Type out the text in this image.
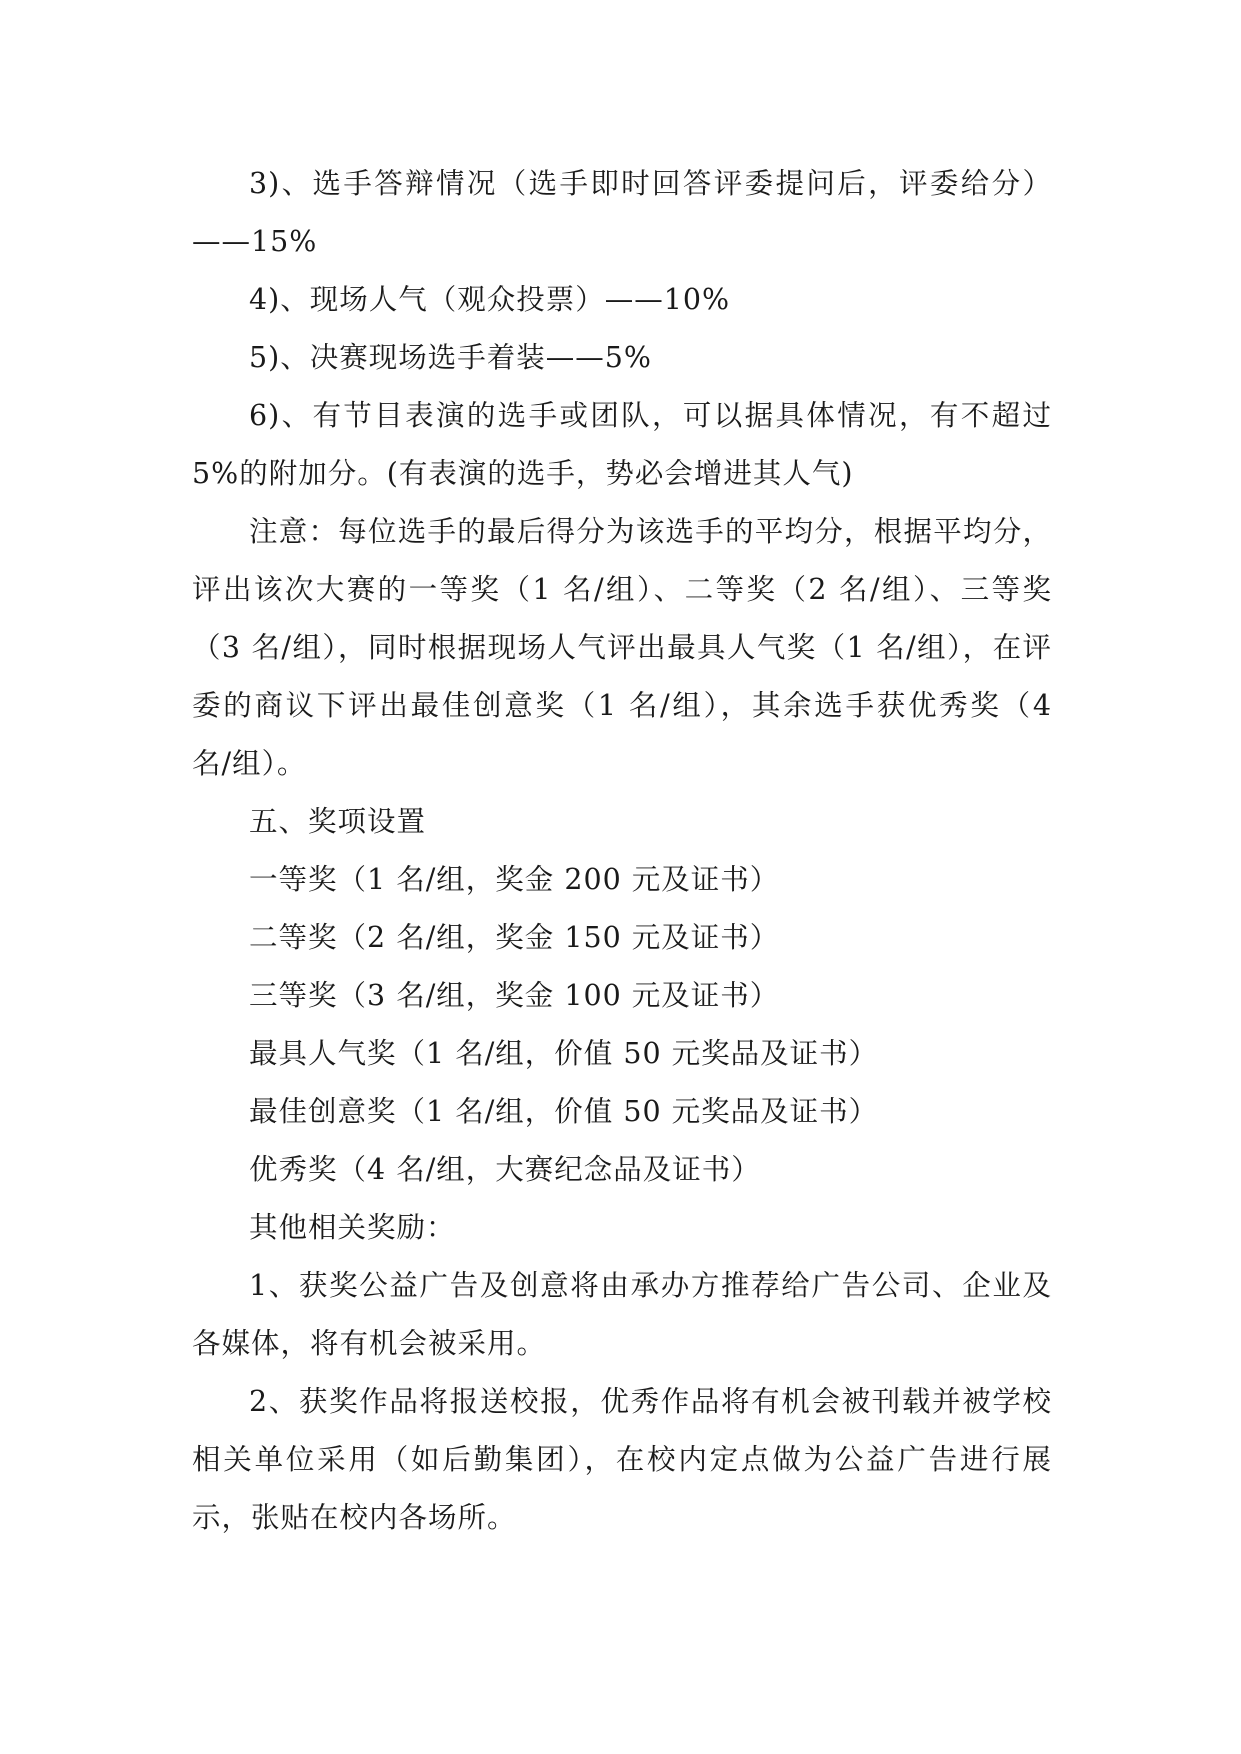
3)、选手答辩情况（选手即时回答评委提问后，评委给分）——15%

4)、现场人气（观众投票）——10%

5)、决赛现场选手着装——5%

6)、有节目表演的选手或团队，可以据具体情况，有不超过 5%的附加分。(有表演的选手，势必会增进其人气)

注意：每位选手的最后得分为该选手的平均分，根据平均分，评出该次大赛的一等奖（1 名/组）、二等奖（2 名/组）、三等奖（3 名/组），同时根据现场人气评出最具人气奖（1 名/组），在评委的商议下评出最佳创意奖（1 名/组），其余选手获优秀奖（4 名/组）。

五、奖项设置

一等奖（1 名/组，奖金 200 元及证书）

二等奖（2 名/组，奖金 150 元及证书）

三等奖（3 名/组，奖金 100 元及证书）

最具人气奖（1 名/组，价值 50 元奖品及证书）

最佳创意奖（1 名/组，价值 50 元奖品及证书）

优秀奖（4 名/组，大赛纪念品及证书）

其他相关奖励：

1、获奖公益广告及创意将由承办方推荐给广告公司、企业及各媒体，将有机会被采用。

2、获奖作品将报送校报，优秀作品将有机会被刊载并被学校相关单位采用（如后勤集团），在校内定点做为公益广告进行展示，张贴在校内各场所。
